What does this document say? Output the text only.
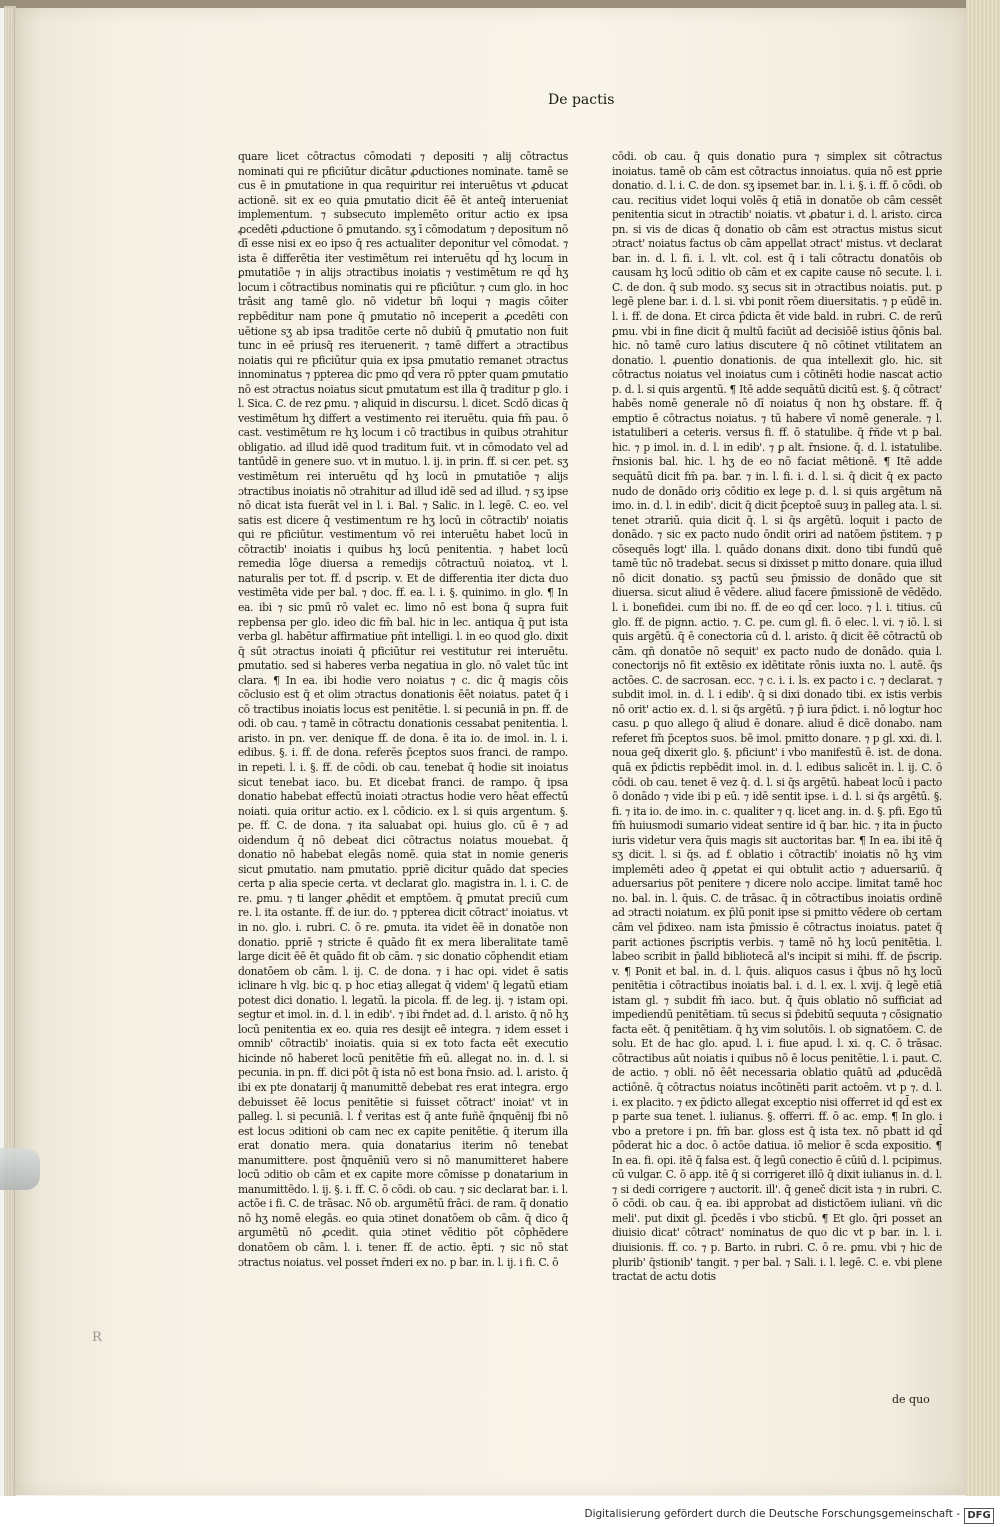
De pactis

quare licet cōtractus cōmodati ⁊ depositi ⁊ alij cōtractus nominati qui re pficiūtur dicātur ꝓductiones nominate. tamē se cus ē in ꝑmutatione in qua requiritur rei interuētus vt ꝓducat actionē. sit ex eo quia ꝑmutatio dicit ēē ēt anteq̄ interueniat implementum. ⁊ subsecuto implemēto oritur actio ex ipsa ꝓcedēti ꝓductione ō ꝑmutando. sʒ ī cōmodatum ⁊ depositum nō dī esse nisi ex eo ipso q̄ res actualiter deponitur vel cōmodat. ⁊ ista ē differētia iter vestimētum rei interuētu qd̄ hʒ locum in ꝑmutatiōe ⁊ in alijs ɔtractibus inoiatis ⁊ vestimētum re qd̄ hʒ locum i cōtractibus nominatis qui re pficiūtur. ⁊ cum glo. in hoc trāsit ang tamē glo. nō videtur bn̄ loqui ⁊ magis cōiter repbēditur nam pone q̄ ꝑmutatio nō inceperit a ꝓcedēti con uētione sʒ ab ipsa traditōe certe nō dubiū q̄ ꝑmutatio non fuit tunc in eē priusq̄ res iteruenerit. ⁊ tamē differt a ɔtractibus noiatis qui re pficiūtur quia ex ipsa ꝑmutatio remanet ɔtractus innominatus ⁊ ppterea dic pmo qd̄ vera rō ppter quam ꝑmutatio nō est ɔtractus noiatus sicut ꝑmutatum est illa q̄ traditur p glo. i l. Sica. C. de rez ꝑmu. ⁊ aliquid in discursu. l. dicet. Scdō dicas q̄ vestimētum hʒ differt a vestimento rei iteruētu. quia fm̄ pau. ō cast. vestimētum re hʒ locum i cō tractibus in quibus ɔtrahitur obligatio. ad illud idē quod traditum fuit. vt in cōmodato vel ad tantūdē in genere suo. vt in mutuo. l. ij. in prin. ff. si cer. pet. sʒ vestimētum rei interuētu qd̄ hʒ locū in ꝑmutatiōe ⁊ alijs ɔtractibus inoiatis nō ɔtrahitur ad illud idē sed ad illud. ⁊ sʒ ipse nō dicat ista fuerāt vel in l. i. Bal. ⁊ Salic. in l. legē. C. eo. vel satis est dicere q̄ vestimentum re hʒ locū in cōtractib' noiatis qui re pficiūtur. vestimentum vō rei interuētu habet locū in cōtractib' inoiatis i quibus hʒ locū penitentia. ⁊ habet locū remedia lōge diuersa a remedijs cōtractuū noiatoꝝ. vt l. naturalis per tot. ff. ḋ pscrip. v. Et de differentia iter dicta duo vestimēta vide per bal. ⁊ doc. ff. ea. l. i. §. quinimo. in glo. ¶ In ea. ibi ⁊ sic pmū rō valet ec. limo nō est bona q̄ supra fuit repbensa per glo. ideo dic fm̄ bal. hic in lec. antiqua q̄ put ista verba gl. habētur affirmatiue pñt intelligi. l. in eo quod glo. dixit q̄ sūt ɔtractus inoiati q̄ pficiūtur rei vestitutur rei interuētu. ꝑmutatio. sed si haberes verba negatiua in glo. nō valet tūc int clara. ¶ In ea. ibi hodie vero noiatus ⁊ c. dic q̄ magis cōis cōclusio est q̄ et olim ɔtractus donationis ēēt noiatus. patet q̄ i cō tractibus inoiatis locus est penitētie. l. si pecuniā in pn. ff. de odi. ob cau. ⁊ tamē in cōtractu donationis cessabat penitentia. l. aristo. in pn. ver. denique ff. de dona. ē ita io. de imol. in. l. i. edibus. §. i. ff. de dona. referēs p̄ceptos suos franci. de rampo. in repeti. l. i. §. ff. de cōdi. ob cau. tenebat q̄ hodie sit inoiatus sicut tenebat iaco. bu. Et dicebat franci. de rampo. q̄ ipsa donatio habebat effectū inoiati ɔtractus hodie vero hēat effectū noiati. quia oritur actio. ex l. cōdicio. ex l. si quis argentum. §. pe. ff. C. de dona. ⁊ ita saluabat opi. huius glo. cū ē ⁊ ad oidendum q̄ nō debeat dici cōtractus noiatus mouebat. q̄ donatio nō habebat elegās nomē. quia stat in nomie generis sicut ꝑmutatio. nam ꝑmutatio. ppriē dicitur quādo dat species certa p alia specie certa. vt declarat glo. magistra in. l. i. C. de re. ꝑmu. ⁊ ti langer ꝓhēdit et emptōem. q̄ ꝑmutat preciū cum re. l. ita ostante. ff. de iur. do. ⁊ ppterea dicit cōtract' inoiatus. vt in no. glo. i. rubri. C. ō re. ꝑmuta. ita videt ēē in donatōe non donatio. ppriē ⁊ stricte ē quādo fit ex mera liberalitate tamē large dicit ēē ēt quādo fit ob cām. ⁊ sic donatio cōphendit etiam donatōem ob cām. l. ij. C. de dona. ⁊ i hac opi. videt ē satis iclinare h vlg. bic q. p hoc etiaȝ allegat q̄ videm' q̄ legatū etiam potest dici donatio. l. legatū. la picola. ff. de leg. ij. ⁊ istam opi. segtur et imol. in. d. l. in edib'. ⁊ ibi r̄ndet ad. d. l. aristo. q̄ nō hʒ locū penitentia ex eo. quia res desijt eē integra. ⁊ idem esset i omnib' cōtractib' inoiatis. quia si ex toto facta eēt executio hicinde nō haberet locū penitētie fm̄ eū. allegat no. in. d. l. si pecunia. in pn. ff. dici pōt q̄ ista nō est bona r̄nsio. ad. l. aristo. q̄ ibi ex pte donatarij q̄ manumittē debebat res erat integra. ergo debuisset ēē locus penitētie si fuisset cōtract' inoiat' vt in palleg. l. si pecuniā. l. ḟ veritas est q̄ ante fuñē q̄nquēnij fbi nō est locus ɔditioni ob cam nec ex capite penitētie. q̄ iterum illa erat donatio mera. quia donatarius iterim nō tenebat manumittere. post q̄nquēniū vero si nō manumitteret habere locū ɔditio ob cām et ex capite more cōmisse p donatarium in manumittēdo. l. ij. §. i. ff. C. ō cōdi. ob cau. ⁊ sic declarat bar. i. l. actōe i fi. C. de trāsac. Nō ob. argumētū frāci. de ram. q̄ donatio nō hʒ nomē elegās. eo quia ɔtinet donatōem ob cām. q̄ dico q̄ argumētū nō ꝓcedit. quia ɔtinet vēditio pōt cōphēdere donatōem ob cām. l. i. tener. ff. de actio. ēpti. ⁊ sic nō stat ɔtractus noiatus. vel posset r̄nderi ex no. p bar. in. l. ij. i fi. C. ō

cōdi. ob cau. q̄ quis donatio pura ⁊ simplex sit cōtractus inoiatus. tamē ob cām est cōtractus innoiatus. quia nō est ꝑprie donatio. d. l. i. C. de don. sʒ ipsemet bar. in. l. i. §. i. ff. ō cōdi. ob cau. recitius videt loqui volēs q̄ etiā in donatōe ob cām cessēt penitentia sicut in ɔtractib' noiatis. vt ꝓbatur i. d. l. aristo. circa pn. si vis de dicas q̄ donatio ob cām est ɔtractus mistus sicut ɔtract' noiatus factus ob cām appellat ɔtract' mistus. vt declarat bar. in. d. l. fi. i. l. vlt. col. est q̄ i tali cōtractu donatōis ob causam hʒ locū ɔditio ob cām et ex capite cause nō secute. l. i. C. de don. q̄ sub modo. sʒ secus sit in ɔtractibus noiatis. put. p legē plene bar. i. d. l. si. vbi ponit rōem diuersitatis. ⁊ p eūdē in. l. i. ff. de dona. Et circa p̄dicta ēt vide bald. in rubri. C. de rerū ꝑmu. vbi in fine dicit q̄ multū faciūt ad decisiōē istius q̄ōnis bal. hic. nō tamē curo latius discutere q̄ nō cōtinet vtilitatem an donatio. l. ꝓuentio donationis. de qua intellexit glo. hic. sit cōtractus noiatus vel inoiatus cum i cōtinēti hodie nascat actio p. d. l. si quis argentū. ¶ Itē adde sequātū dicitū est. §. q̄ cōtract' habēs nomē generale nō dī noiatus q̄ non hʒ obstare. ff. q̄ emptio ē cōtractus noiatus. ⁊ tū habere vī nomē generale. ⁊ l. istatuliberi a ceteris. versus fi. ff. ō statulibe. q̄ r̄ñde vt p bal. hic. ⁊ p imol. in. d. l. in edib'. ⁊ ꝑ alt. r̄nsione. q̄. d. l. istatulibe. r̄nsionis bal. hic. l. hʒ de eo nō faciat mētionē. ¶ Itē adde sequātū dicit fm̄ pa. bar. ⁊ in. l. fi. i. d. l. si. q̄ dicit q̄ ex pacto nudo de donādo oriȝ cōditio ex lege p. d. l. si quis argētum nā imo. in. d. l. in edib'. dicit q̄ dicit p̄ceptoē suuȝ in palleg ata. l. si. tenet ɔtrariū. quia dicit q̄. l. si q̄s argētū. loquit i pacto de donādo. ⁊ sic ex pacto nudo ōndit oriri ad natōem p̄stitem. ⁊ p cōsequēs logt' illa. l. quādo donans dixit. dono tibi fundū quē tamē tūc nō tradebat. secus si dixisset p mitto donare. quia illud nō dicit donatio. sʒ pactū seu p̄missio de donādo que sit diuersa. sicut aliud ē vēdere. aliud facere p̄missionē de vēdēdo. l. i. bonefidei. cum ibi no. ff. de eo qd̄ cer. loco. ⁊ l. i. titius. cū glo. ff. de pignn. actio. ⁊. C. pe. cum gl. fi. ō elec. l. vi. ⁊ iō. l. si quis argētū. q̄ ē conectoria cū d. l. aristo. q̄ dicit ēē cōtractū ob cām. qn̄ donatōe nō sequit' ex pacto nudo de donādo. quia l. conectorijs nō fit extēsio ex idētitate rōnis iuxta no. l. autē. q̄s actōes. C. de sacrosan. ecc. ⁊ c. i. i. ls. ex pacto i c. ⁊ declarat. ⁊ subdit imol. in. d. l. i edib'. q̄ si dixi donado tibi. ex istis verbis nō orit' actio ex. d. l. si q̄s argētū. ⁊ p̄ iura p̄dict. i. nō logtur hoc casu. ꝑ quo allego q̄ aliud ē donare. aliud ē dicē donabo. nam referet fm̄ p̄ceptos suos. bē imol. pmitto donare. ⁊ p gl. xxi. di. l. noua geq̄ dixerit glo. §. pficiunt' i vbo manifestū ē. ist. de dona. quā ex p̄dictis repbēdit imol. in. d. l. edibus salicēt in. l. ij. C. ō cōdi. ob cau. tenet ē vez q̄. d. l. si q̄s argētū. habeat locū i pacto ō donādo ⁊ vide ibi p eū. ⁊ idē sentit ipse. i. d. l. si q̄s argētū. §. fi. ⁊ ita io. de imo. in. c. qualiter ⁊ q. licet ang. in. d. §. pfi. Ego tū fm̄ huiusmodi sumario videat sentire id q̄ bar. hic. ⁊ ita in p̄ucto iuris videtur vera q̄uis magis sit auctoritas bar. ¶ In ea. ibi itē q̄ sʒ dicit. l. si q̄s. ad f. oblatio i cōtractib' inoiatis nō hʒ vim implemēti adeo q̄ ꝓpetat ei qui obtulit actio ⁊ aduersariū. q̄ aduersarius pōt penitere ⁊ dicere nolo accipe. limitat tamē hoc no. bal. in. l. q̄uis. C. de trāsac. q̄ in cōtractibus inoiatis ordinē ad ɔtracti noiatum. ex p̄lū ponit ipse si pmitto vēdere ob certam cām vel p̄dixeo. nam ista p̄missio ē cōtractus inoiatus. patet q̄ parit actiones p̄scriptis verbis. ⁊ tamē nō hʒ locū penitētia. l. labeo scribit in p̄alld bibliotecā al's incipit si mihi. ff. de p̄scrip. v. ¶ Ponit et bal. in. d. l. q̄uis. aliquos casus i q̄bus nō hʒ locū penitētia i cōtractibus inoiatis bal. i. d. l. ex. l. xvij. q̄ legē etiā istam gl. ⁊ subdit fm̄ iaco. but. q̄ q̄uis oblatio nō sufficiat ad impediendū penitētiam. tū secus si p̄debitū sequuta ⁊ cōsignatio facta eēt. q̄ penitētiam. q̄ hʒ vim solutōis. l. ob signatōem. C. de solu. Et de hac glo. apud. l. i. fiue apud. l. xi. q. C. ō trāsac. cōtractibus aūt noiatis i quibus nō ē locus penitētie. l. i. paut. C. de actio. ⁊ obli. nō ēēt necessaria oblatio quātū ad ꝓducēdā actiōnē. q̄ cōtractus noiatus incōtinēti parit actoēm. vt p ⁊. d. l. i. ex placito. ⁊ ex p̄dicto allegat exceptio nisi offerret id qd̄ est ex p parte sua tenet. l. iulianus. §. offerri. ff. ō ac. emp. ¶ In glo. i vbo a pretore i pn. fm̄ bar. gloss est q̄ ista tex. nō pbatt id qd̄ pōderat hic a doc. ō actōe datiua. iō melior ē scda expositio. ¶ In ea. fi. opi. itē q̄ falsa est. q̄ legū conectio ē cūiū d. l. pcipimus. cū vulgar. C. ō app. itē q̄ si corrigeret illō q̄ dixit iulianus in. d. l. ⁊ si dedi corrigere ⁊ auctorit. ill'. q̄ geneč dicit ista ⁊ in rubri. C. ō cōdi. ob cau. q̄ ea. ibi approbat ad distictōem iuliani. vñ dic meli'. put dixit gl. p̄cedēs i vbo sticbū. ¶ Et glo. q̄ri posset an diuisio dicat' cōtract' nominatus de quo dic vt p bar. in. l. i. diuisionis. ff. co. ⁊ p. Barto. in rubri. C. ō re. ꝑmu. vbi ⁊ hic de plurib' q̄stionib' tangit. ⁊ per bal. ⁊ Sali. i. l. legē. C. e. vbi plene tractat de actu dotis

de quo
R
Digitalisierung gefördert durch die Deutsche Forschungsgemeinschaft - DFG
